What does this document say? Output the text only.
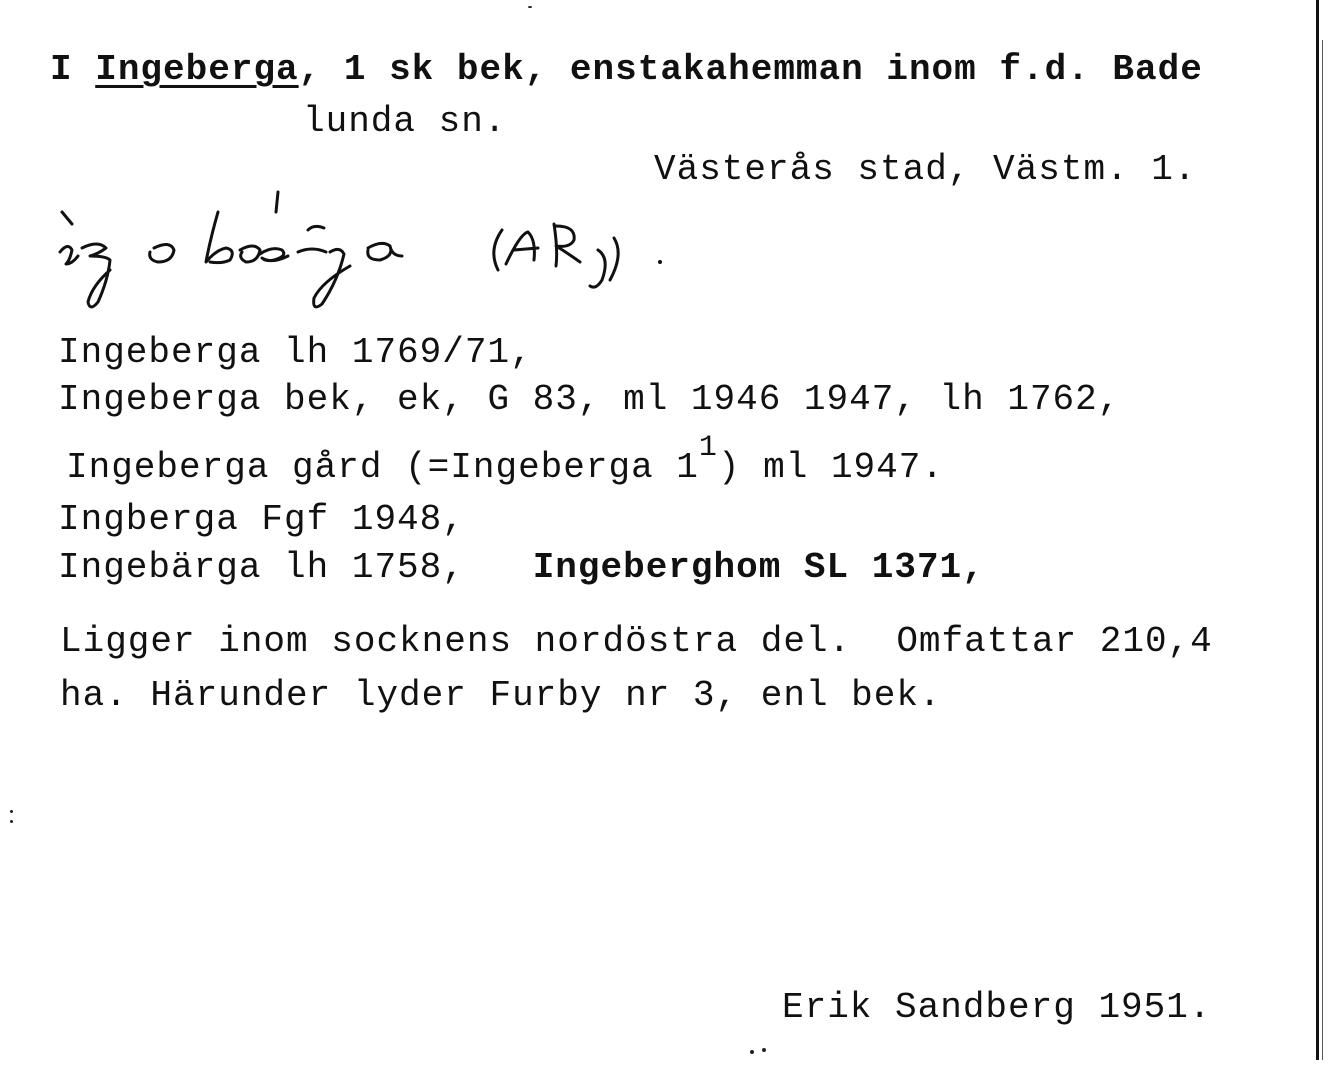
I Ingeberga, 1 sk bek, enstakahemman inom f.d. Bade
lunda sn.
Västerås stad, Västm. 1.
Ingeberga lh 1769/71,
Ingeberga bek, ek, G 83, ml 1946 1947, lh 1762,
Ingeberga gård (=Ingeberga $1^1$) ml 1947.
Ingberga Fgf 1948,
Ingebärga lh 1758, Ingeberghom SL 1371,
Ligger inom socknens nordöstra del.  Omfattar 210,4
ha. Härunder lyder Furby nr 3, enl bek.
Erik Sandberg 1951.
